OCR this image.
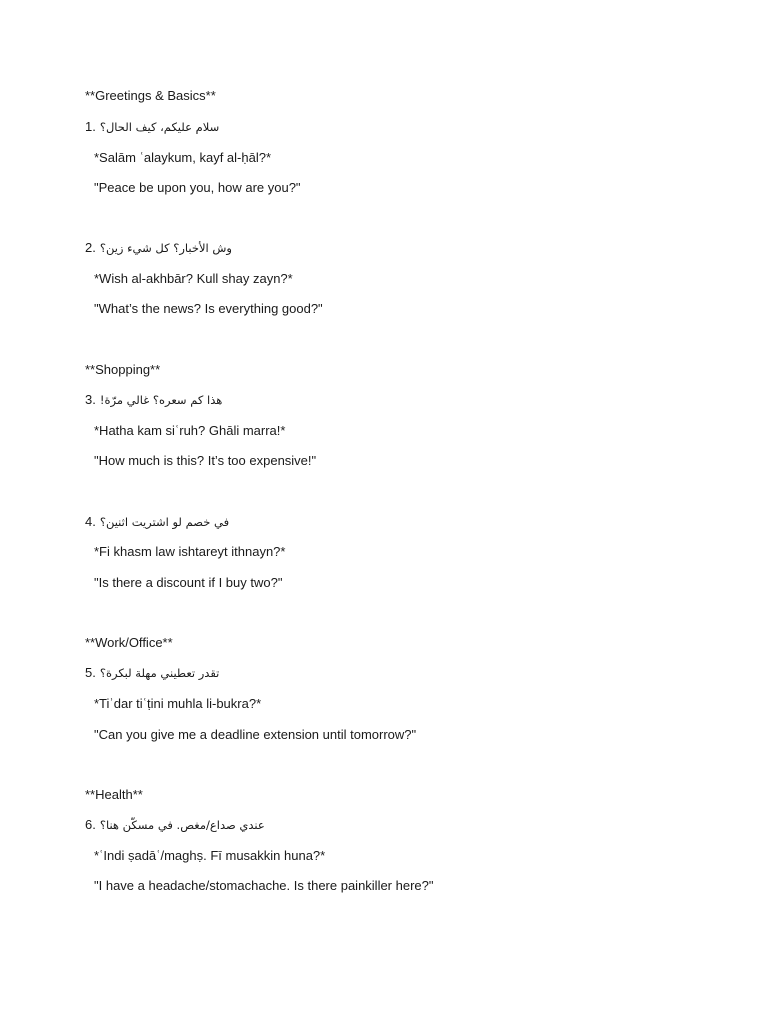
**Greetings & Basics**
1. سلام عليكم، كيف الحال؟
*Salām ʿalaykum, kayf al-ḥāl?*
"Peace be upon you, how are you?"
2. وش الأخبار؟ كل شيء زين؟
*Wish al-akhbār? Kull shay zayn?*
"What’s the news? Is everything good?"
**Shopping**
3. هذا كم سعره؟ غالي مرّة!
*Hatha kam siʿruh? Ghāli marra!*
"How much is this? It’s too expensive!"
4. في خصم لو اشتريت اثنين؟
*Fi khasm law ishtareyt ithnayn?*
"Is there a discount if I buy two?"
**Work/Office**
5. تقدر تعطيني مهلة لبكرة؟
*Tiʾdar tiʿṭini muhla li-bukra?*
"Can you give me a deadline extension until tomorrow?"
**Health**
6. عندي صداع/مغص. في مسكّن هنا؟
*ʿIndi ṣadāʿ/maghṣ. Fī musakkin huna?*
"I have a headache/stomachache. Is there painkiller here?"
